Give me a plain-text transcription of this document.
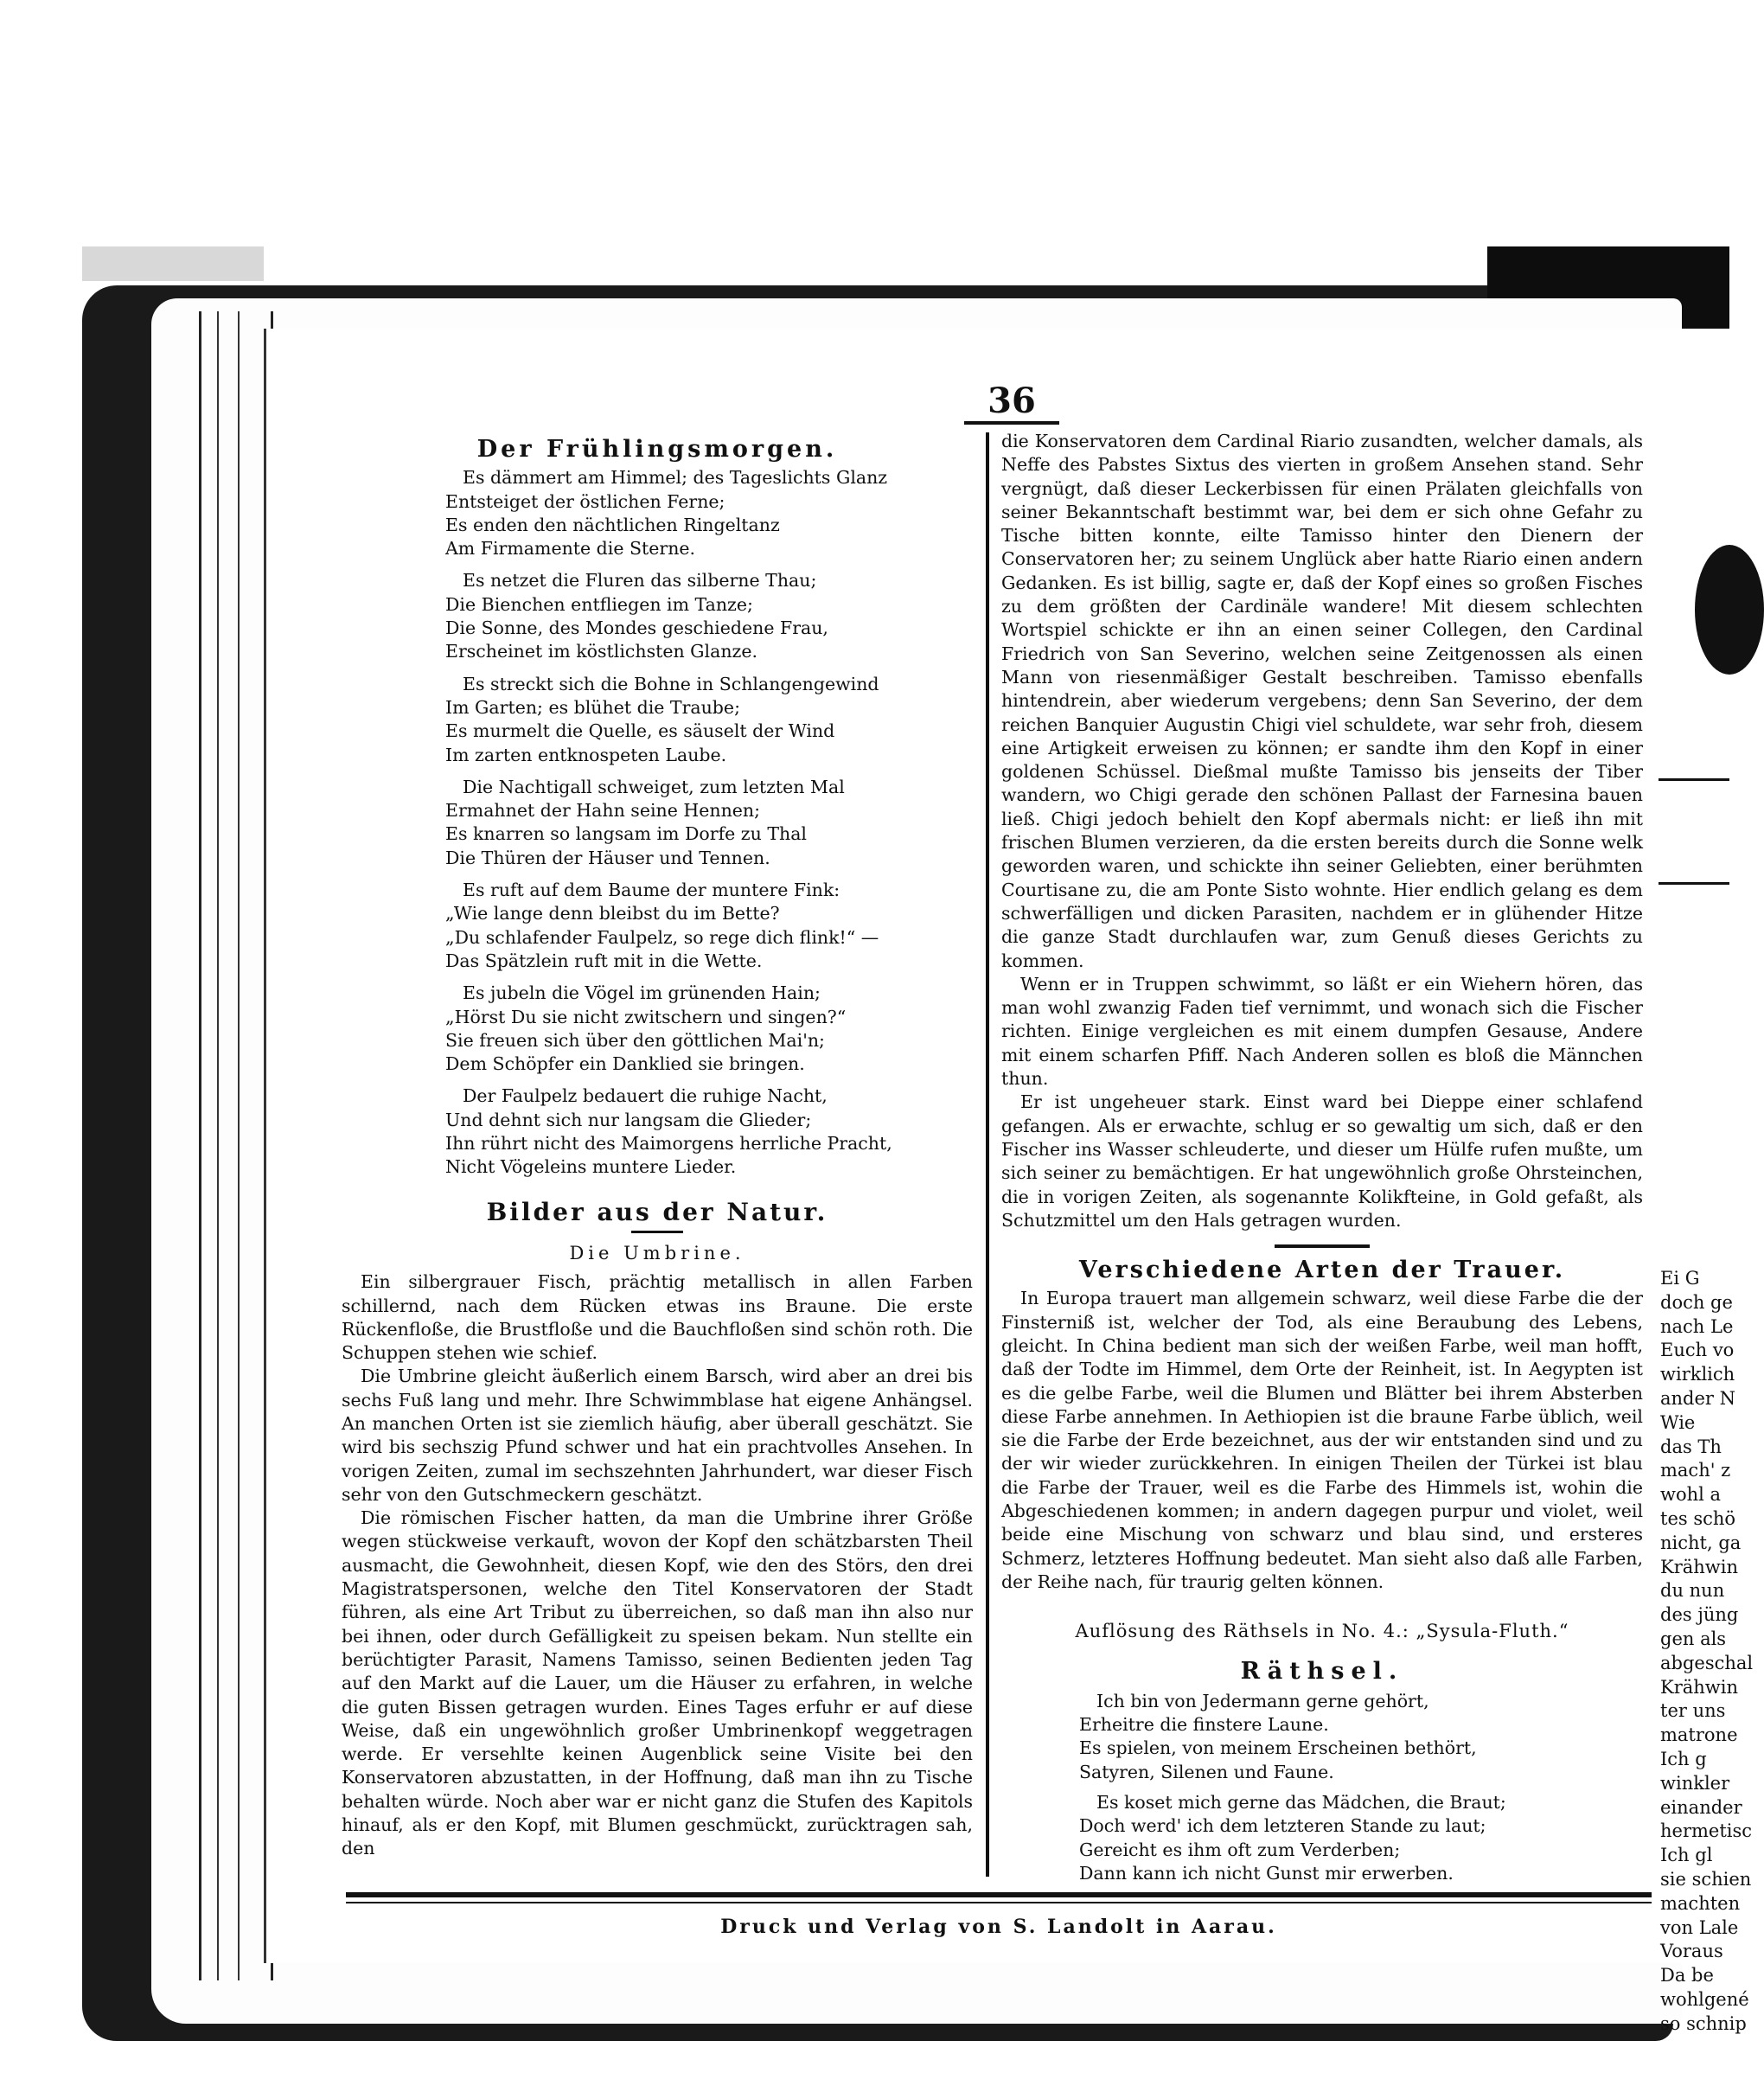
36
Der Frühlingsmorgen.

Es dämmert am Himmel; des Tageslichts Glanz

Entsteiget der östlichen Ferne;

Es enden den nächtlichen Ringeltanz

Am Firmamente die Sterne.

Es netzet die Fluren das silberne Thau;

Die Bienchen entfliegen im Tanze;

Die Sonne, des Mondes geschiedene Frau,

Erscheinet im köstlichsten Glanze.

Es streckt sich die Bohne in Schlangengewind

Im Garten; es blühet die Traube;

Es murmelt die Quelle, es säuselt der Wind

Im zarten entknospeten Laube.

Die Nachtigall schweiget, zum letzten Mal

Ermahnet der Hahn seine Hennen;

Es knarren so langsam im Dorfe zu Thal

Die Thüren der Häuser und Tennen.

Es ruft auf dem Baume der muntere Fink:

„Wie lange denn bleibst du im Bette?

„Du schlafender Faulpelz, so rege dich flink!“ —

Das Spätzlein ruft mit in die Wette.

Es jubeln die Vögel im grünenden Hain;

„Hörst Du sie nicht zwitschern und singen?“

Sie freuen sich über den göttlichen Mai'n;

Dem Schöpfer ein Danklied sie bringen.

Der Faulpelz bedauert die ruhige Nacht,

Und dehnt sich nur langsam die Glieder;

Ihn rührt nicht des Maimorgens herrliche Pracht,

Nicht Vögeleins muntere Lieder.

Bilder aus der Natur.
Die Umbrine.

Ein silbergrauer Fisch, prächtig metallisch in allen Farben schillernd, nach dem Rücken etwas ins Braune. Die erste Rückenfloße, die Brustfloße und die Bauchfloßen sind schön roth. Die Schuppen stehen wie schief.

Die Umbrine gleicht äußerlich einem Barsch, wird aber an drei bis sechs Fuß lang und mehr. Ihre Schwimmblase hat eigene Anhängsel. An manchen Orten ist sie ziemlich häufig, aber überall geschätzt. Sie wird bis sechszig Pfund schwer und hat ein prachtvolles Ansehen. In vorigen Zeiten, zumal im sechszehnten Jahrhundert, war dieser Fisch sehr von den Gutschmeckern geschätzt.

Die römischen Fischer hatten, da man die Umbrine ihrer Größe wegen stückweise verkauft, wovon der Kopf den schätzbarsten Theil ausmacht, die Gewohnheit, diesen Kopf, wie den des Störs, den drei Magistratspersonen, welche den Titel Konservatoren der Stadt führen, als eine Art Tribut zu überreichen, so daß man ihn also nur bei ihnen, oder durch Gefälligkeit zu speisen bekam. Nun stellte ein berüchtigter Parasit, Namens Tamisso, seinen Bedienten jeden Tag auf den Markt auf die Lauer, um die Häuser zu erfahren, in welche die guten Bissen getragen wurden. Eines Tages erfuhr er auf diese Weise, daß ein ungewöhnlich großer Umbrinenkopf weggetragen werde. Er versehlte keinen Augenblick seine Visite bei den Konservatoren abzustatten, in der Hoffnung, daß man ihn zu Tische behalten würde. Noch aber war er nicht ganz die Stufen des Kapitols hinauf, als er den Kopf, mit Blumen geschmückt, zurücktragen sah, den

die Konservatoren dem Cardinal Riario zusandten, welcher damals, als Neffe des Pabstes Sixtus des vierten in großem Ansehen stand. Sehr vergnügt, daß dieser Leckerbissen für einen Prälaten gleichfalls von seiner Bekanntschaft bestimmt war, bei dem er sich ohne Gefahr zu Tische bitten konnte, eilte Tamisso hinter den Dienern der Conservatoren her; zu seinem Unglück aber hatte Riario einen andern Gedanken. Es ist billig, sagte er, daß der Kopf eines so großen Fisches zu dem größten der Cardinäle wandere! Mit diesem schlechten Wortspiel schickte er ihn an einen seiner Collegen, den Cardinal Friedrich von San Severino, welchen seine Zeitgenossen als einen Mann von riesenmäßiger Gestalt beschreiben. Tamisso ebenfalls hintendrein, aber wiederum vergebens; denn San Severino, der dem reichen Banquier Augustin Chigi viel schuldete, war sehr froh, diesem eine Artigkeit erweisen zu können; er sandte ihm den Kopf in einer goldenen Schüssel. Dießmal mußte Tamisso bis jenseits der Tiber wandern, wo Chigi gerade den schönen Pallast der Farnesina bauen ließ. Chigi jedoch behielt den Kopf abermals nicht: er ließ ihn mit frischen Blumen verzieren, da die ersten bereits durch die Sonne welk geworden waren, und schickte ihn seiner Geliebten, einer berühmten Courtisane zu, die am Ponte Sisto wohnte. Hier endlich gelang es dem schwerfälligen und dicken Parasiten, nachdem er in glühender Hitze die ganze Stadt durchlaufen war, zum Genuß dieses Gerichts zu kommen.

Wenn er in Truppen schwimmt, so läßt er ein Wiehern hören, das man wohl zwanzig Faden tief vernimmt, und wonach sich die Fischer richten. Einige vergleichen es mit einem dumpfen Gesause, Andere mit einem scharfen Pfiff. Nach Anderen sollen es bloß die Männchen thun.

Er ist ungeheuer stark. Einst ward bei Dieppe einer schlafend gefangen. Als er erwachte, schlug er so gewaltig um sich, daß er den Fischer ins Wasser schleuderte, und dieser um Hülfe rufen mußte, um sich seiner zu bemächtigen. Er hat ungewöhnlich große Ohrsteinchen, die in vorigen Zeiten, als sogenannte Kolikfteine, in Gold gefaßt, als Schutzmittel um den Hals getragen wurden.

Verschiedene Arten der Trauer.

In Europa trauert man allgemein schwarz, weil diese Farbe die der Finsterniß ist, welcher der Tod, als eine Beraubung des Lebens, gleicht. In China bedient man sich der weißen Farbe, weil man hofft, daß der Todte im Himmel, dem Orte der Reinheit, ist. In Aegypten ist es die gelbe Farbe, weil die Blumen und Blätter bei ihrem Absterben diese Farbe annehmen. In Aethiopien ist die braune Farbe üblich, weil sie die Farbe der Erde bezeichnet, aus der wir entstanden sind und zu der wir wieder zurückkehren. In einigen Theilen der Türkei ist blau die Farbe der Trauer, weil es die Farbe des Himmels ist, wohin die Abgeschiedenen kommen; in andern dagegen purpur und violet, weil beide eine Mischung von schwarz und blau sind, und ersteres Schmerz, letzteres Hoffnung bedeutet. Man sieht also daß alle Farben, der Reihe nach, für traurig gelten können.

Auflösung des Räthsels in No. 4.: „Sysula-Fluth.“
Räthsel.

Ich bin von Jedermann gerne gehört,

Erheitre die finstere Laune.

Es spielen, von meinem Erscheinen bethört,

Satyren, Silenen und Faune.

Es koset mich gerne das Mädchen, die Braut;

Doch werd' ich dem letzteren Stande zu laut;

Gereicht es ihm oft zum Verderben;

Dann kann ich nicht Gunst mir erwerben.

Druck und Verlag von S. Landolt in Aarau.
Ei G
doch ge
nach Le
Euch vo
wirklich
ander N
Wie
das Th
mach' z
wohl a
tes schö
nicht, ga
Krähwin
du nun
des jüng
gen als
abgeschal
Krähwin
ter uns
matrone
Ich g
winkler
einander
hermetisc
Ich gl
sie schien
machten
von Lale
Voraus
Da be
wohlgené
so schnip
